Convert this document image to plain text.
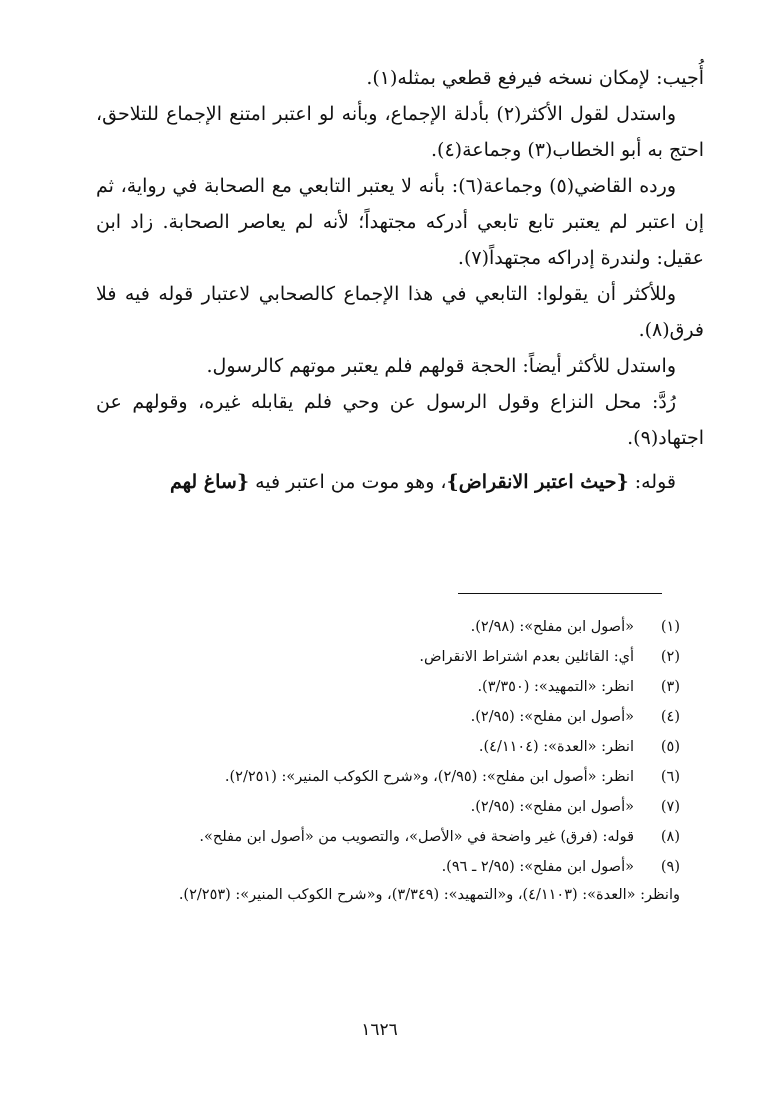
أُجيب: لإمكان نسخه فيرفع قطعي بمثله(١).

واستدل لقول الأكثر(٢) بأدلة الإجماع، وبأنه لو اعتبر امتنع الإجماع للتلاحق، احتج به أبو الخطاب(٣) وجماعة(٤).

ورده القاضي(٥) وجماعة(٦): بأنه لا يعتبر التابعي مع الصحابة في رواية، ثم إن اعتبر لم يعتبر تابع تابعي أدركه مجتهداً؛ لأنه لم يعاصر الصحابة. زاد ابن عقيل: ولندرة إدراكه مجتهداً(٧).

وللأكثر أن يقولوا: التابعي في هذا الإجماع كالصحابي لاعتبار قوله فيه فلا فرق(٨).

واستدل للأكثر أيضاً: الحجة قولهم فلم يعتبر موتهم كالرسول.

رُدَّ: محل النزاع وقول الرسول عن وحي فلم يقابله غيره، وقولهم عن اجتهاد(٩).

قوله: {حيث اعتبر الانقراض}، وهو موت من اعتبر فيه {ساغ لهم

(١)
«أصول ابن مفلح»: (٢/٩٨).
(٢)
أي: القائلين بعدم اشتراط الانقراض.
(٣)
انظر: «التمهيد»: (٣/٣٥٠).
(٤)
«أصول ابن مفلح»: (٢/٩٥).
(٥)
انظر: «العدة»: (٤/١١٠٤).
(٦)
انظر: «أصول ابن مفلح»: (٢/٩٥)، و«شرح الكوكب المنير»: (٢/٢٥١).
(٧)
«أصول ابن مفلح»: (٢/٩٥).
(٨)
قوله: (فرق) غير واضحة في «الأصل»، والتصويب من «أصول ابن مفلح».
(٩)
«أصول ابن مفلح»: (٢/٩٥ ـ ٩٦).

وانظر: «العدة»: (٤/١١٠٣)، و«التمهيد»: (٣/٣٤٩)، و«شرح الكوكب المنير»: (٢/٢٥٣).

١٦٢٦
